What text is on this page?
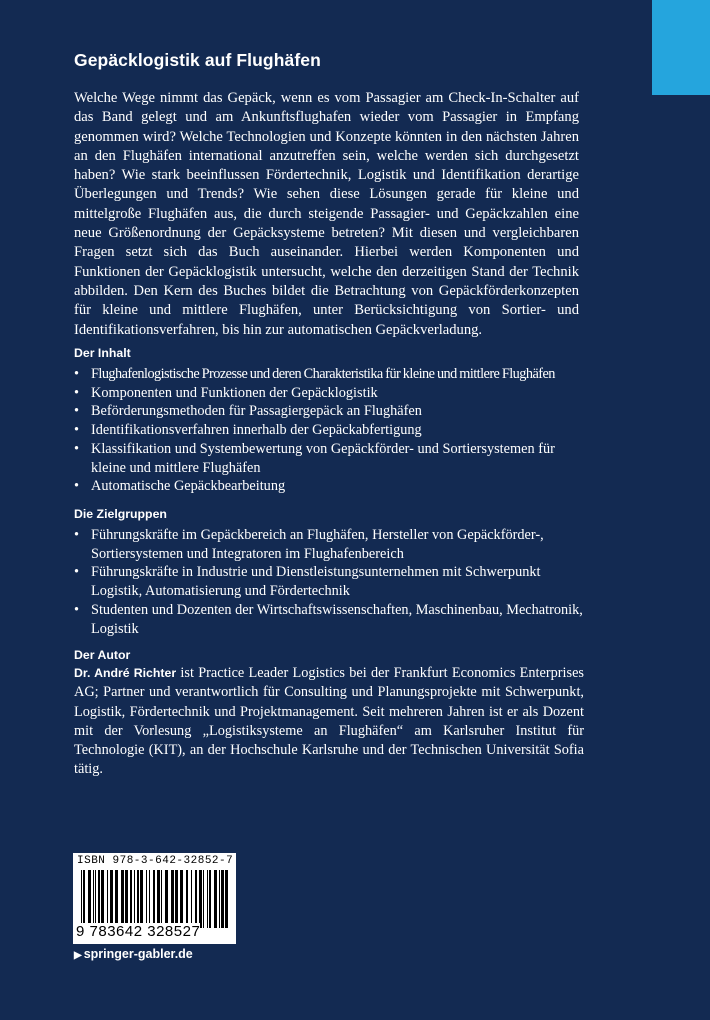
Gepäcklogistik auf Flughäfen

Welche Wege nimmt das Gepäck, wenn es vom Passagier am Check-In-Schalter auf das Band gelegt und am Ankunftsflughafen wieder vom Passagier in Empfang genommen wird? Welche Technologien und Konzepte könnten in den nächsten Jahren an den Flughäfen international anzutreffen sein, welche werden sich durchgesetzt haben? Wie stark beeinflussen Fördertechnik, Logistik und Identifikation derartige Überlegungen und Trends? Wie sehen diese Lösungen gerade für kleine und mittelgroße Flughäfen aus, die durch steigende Passagier- und Gepäckzahlen eine neue Größenordnung der Gepäcksysteme betreten? Mit diesen und vergleichbaren Fragen setzt sich das Buch auseinander. Hierbei werden Komponenten und Funktionen der Gepäcklogistik untersucht, welche den derzeitigen Stand der Technik abbilden. Den Kern des Buches bildet die Betrachtung von Gepäckförderkonzepten für kleine und mittlere Flughäfen, unter Berücksichtigung von Sortier- und Identifikationsverfahren, bis hin zur automatischen Gepäckverladung.

Der Inhalt
• Flughafenlogistische Prozesse und deren Charakteristika für kleine und mittlere Flughäfen
• Komponenten und Funktionen der Gepäcklogistik
• Beförderungsmethoden für Passagiergepäck an Flughäfen
• Identifikationsverfahren innerhalb der Gepäckabfertigung
• Klassifikation und Systembewertung von Gepäckförder- und Sortiersystemen für kleine und mittlere Flughäfen
• Automatische Gepäckbearbeitung
Die Zielgruppen
• Führungskräfte im Gepäckbereich an Flughäfen, Hersteller von Gepäckförder-, Sortiersystemen und Integratoren im Flughafenbereich
• Führungskräfte in Industrie und Dienstleistungsunternehmen mit Schwerpunkt Logistik, Automatisierung und Fördertechnik
• Studenten und Dozenten der Wirtschaftswissenschaften, Maschinenbau, Mechatronik, Logistik
Der Autor

Dr. André Richter ist Practice Leader Logistics bei der Frankfurt Economics Enterprises AG; Partner und verantwortlich für Consulting und Planungsprojekte mit Schwerpunkt, Logistik, Fördertechnik und Projektmanagement. Seit mehreren Jahren ist er als Dozent mit der Vorlesung „Logistiksysteme an Flughäfen“ am Karlsruher Institut für Technologie (KIT), an der Hochschule Karlsruhe und der Technischen Universität Sofia tätig.

ISBN 978-3-642-32852-7
9 783642 328527
▶ springer-gabler.de
